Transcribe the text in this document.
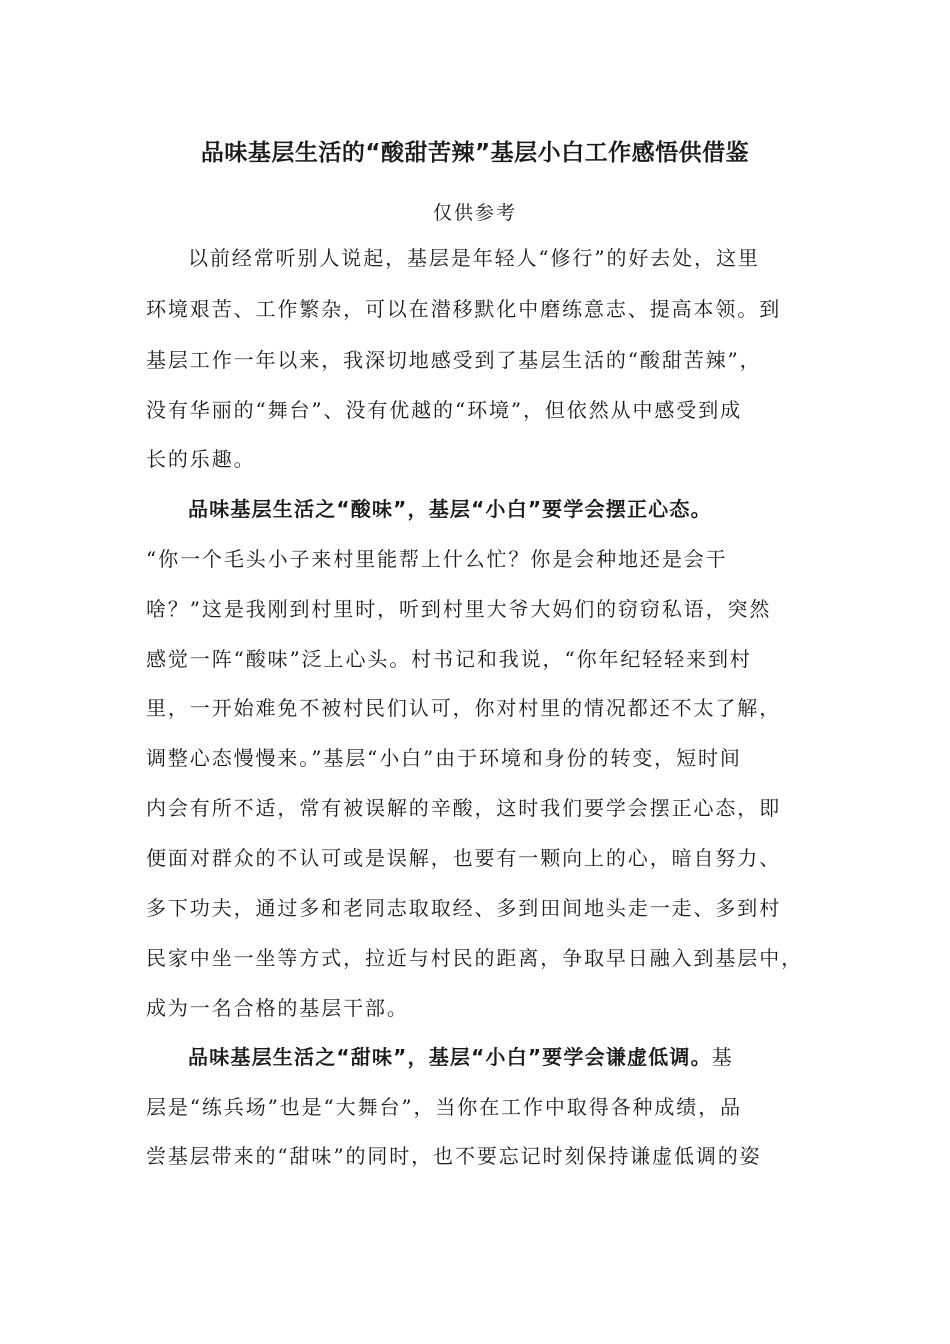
品味基层生活的“酸甜苦辣”基层小白工作感悟供借鉴
仅供参考
以前经常听别人说起，基层是年轻人“修行”的好去处，这里
环境艰苦、工作繁杂，可以在潜移默化中磨练意志、提高本领。到
基层工作一年以来，我深切地感受到了基层生活的“酸甜苦辣”，
没有华丽的“舞台”、没有优越的“环境”，但依然从中感受到成
长的乐趣。
品味基层生活之“酸味”，基层“小白”要学会摆正心态。
“你一个毛头小子来村里能帮上什么忙？你是会种地还是会干
啥？”这是我刚到村里时，听到村里大爷大妈们的窃窃私语，突然
感觉一阵“酸味”泛上心头。村书记和我说，“你年纪轻轻来到村
里，一开始难免不被村民们认可，你对村里的情况都还不太了解，
调整心态慢慢来。”基层“小白”由于环境和身份的转变，短时间
内会有所不适，常有被误解的辛酸，这时我们要学会摆正心态，即
便面对群众的不认可或是误解，也要有一颗向上的心，暗自努力、
多下功夫，通过多和老同志取取经、多到田间地头走一走、多到村
民家中坐一坐等方式，拉近与村民的距离，争取早日融入到基层中，
成为一名合格的基层干部。
品味基层生活之“甜味”，基层“小白”要学会谦虚低调。基
层是“练兵场”也是“大舞台”，当你在工作中取得各种成绩，品
尝基层带来的“甜味”的同时，也不要忘记时刻保持谦虚低调的姿
